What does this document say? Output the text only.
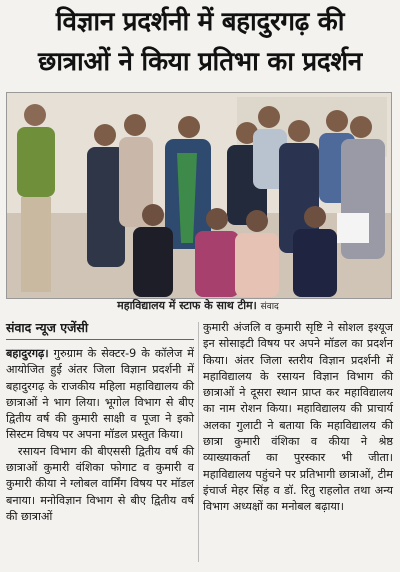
विज्ञान प्रदर्शनी में बहादुरगढ़ की
छात्राओं ने किया प्रतिभा का प्रदर्शन
महाविद्यालय में स्टाफ के साथ टीम। संवाद
संवाद न्यूज एजेंसी

बहादुरगढ़। गुरुग्राम के सेक्टर-9 के कॉलेज में आयोजित हुई अंतर जिला विज्ञान प्रदर्शनी में बहादुरगढ़ के राजकीय महिला महाविद्यालय की छात्राओं ने भाग लिया। भूगोल विभाग से बीए द्वितीय वर्ष की कुमारी साक्षी व पूजा ने इको सिस्टम विषय पर अपना मॉडल प्रस्तुत किया।

रसायन विभाग की बीएससी द्वितीय वर्ष की छात्राओं कुमारी वंशिका फोगाट व कुमारी व कुमारी कीया ने ग्लोबल वार्मिंग विषय पर मॉडल बनाया। मनोविज्ञान विभाग से बीए द्वितीय वर्ष की छात्राओं

कुमारी अंजलि व कुमारी सृष्टि ने सोशल इश्यूज इन सोसाइटी विषय पर अपने मॉडल का प्रदर्शन किया। अंतर जिला स्तरीय विज्ञान प्रदर्शनी में महाविद्यालय के रसायन विज्ञान विभाग की छात्राओं ने दूसरा स्थान प्राप्त कर महाविद्यालय का नाम रोशन किया। महाविद्यालय की प्राचार्य अलका गुलाटी ने बताया कि महाविद्यालय की छात्रा कुमारी वंशिका व कीया ने श्रेष्ठ व्याख्याकर्ता का पुरस्कार भी जीता। महाविद्यालय पहुंचने पर प्रतिभागी छात्राओं, टीम इंचार्ज मेहर सिंह व डॉ. रितु राहलोत तथा अन्य विभाग अध्यक्षों का मनोबल बढ़ाया।
